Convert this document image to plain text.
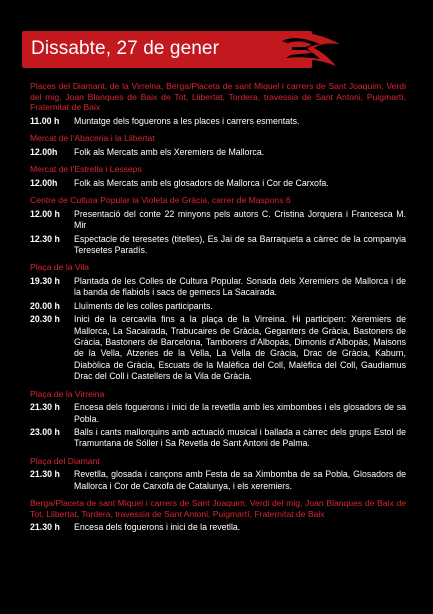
Dissabte, 27 de gener
Places del Diamant, de la Virreina, Berga/Placeta de sant Miquel i carrers de Sant Joaquim, Verdi del mig, Joan Blanques de Baix de Tot, Llibertat, Tordera, travessia de Sant Antoni, Puigmartí, Fraternitat de Baix
11.00 h	Muntatge dels foguerons a les places i carrers esmentats.
Mercat de l’Abaceria i la Llibertat
12.00h	Folk als Mercats amb els Xeremiers de Mallorca.
Mercat de l’Estrella i Lesseps
12.00h	Folk als Mercats amb els glosadors de Mallorca i Cor de Carxofa.
Centre de Cultura Popular la Violeta de Gràcia, carrer de Maspons 6
12.00 h	Presentació del conte 22 minyons pels autors C. Cristina Jorquera i Francesca M. Mir
12.30 h	Espectacle de teresetes (titelles), Es Jai de sa Barraqueta a càrrec de la companyia Teresetes Paradís.
Plaça de la Vila
19.30 h	Plantada de les Colles de Cultura Popular. Sonada dels Xeremiers de Mallorca i de la banda de flabiols i sacs de gemecs La Sacairada.
20.00 h	Lluïments de les colles participants.
20.30 h	Inici de la cercavila fins a la plaça de la Virreina. Hi participen: Xeremiers de Mallorca, La Sacairada, Trabucaires de Gràcia, Geganters de Gràcia, Bastoners de Gràcia, Bastoners de Barcelona, Tamborers d’Albopàs, Dimonis d’Albopàs, Maisons de la Vella, Atzeries de la Vella, La Vella de Gràcia, Drac de Gràcia, Kaburn, Diabòlica de Gràcia, Escuats de la Malèfica del Coll, Malèfica del Coll, Gaudiamus Drac del Coll i Castellers de la Vila de Gràcia.
Plaça de la Virreina
21.30 h	Encesa dels foguerons i inici de la revetlla amb les ximbombes i els glosadors de sa Pobla.
23.00 h	Balls i cants mallorquins amb actuació musical i ballada a càrrec dels grups Estol de Tramuntana de Sóller i Sa Revetla de Sant Antoni de Palma.
Plaça del Diamant
21.30 h	Revetlla, glosada i cançons amb Festa de sa Ximbomba de sa Pobla, Glosadors de Mallorca i Cor de Carxofa de Catalunya, i els xeremiers.
Berga/Placeta de sant Miquel i carrers de Sant Joaquim, Verdi del mig, Joan Blanques de Baix de Tot, Llibertat, Tordera, travessia de Sant Antoni, Puigmartí, Fraternitat de Baix
21.30 h	Encesa dels foguerons i inici de la revetlla.
